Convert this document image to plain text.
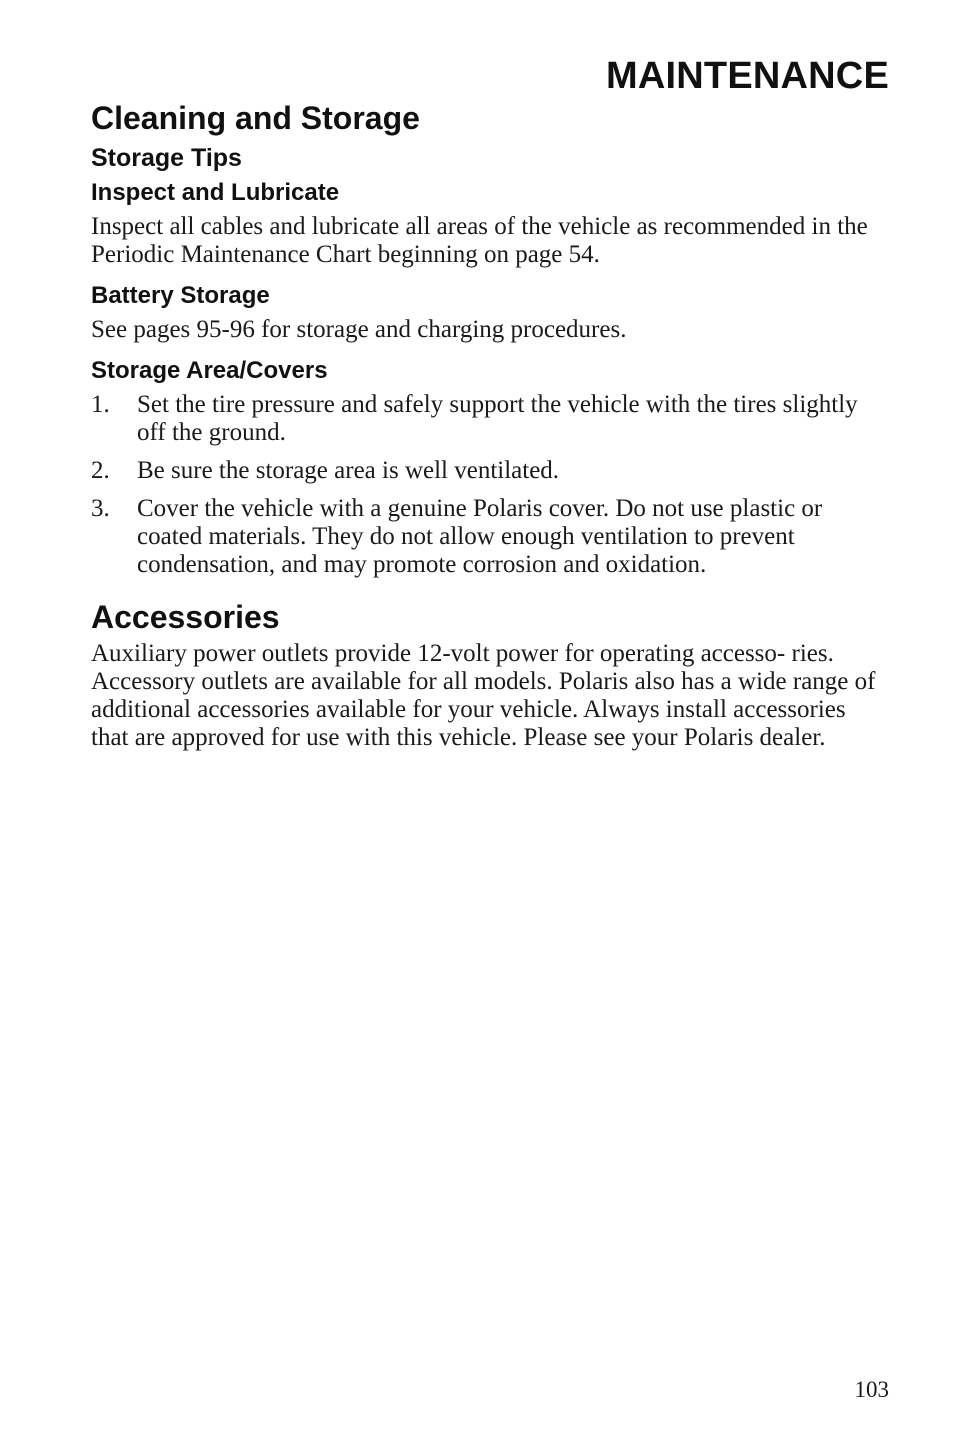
MAINTENANCE
Cleaning and Storage
Storage Tips
Inspect and Lubricate

Inspect all cables and lubricate all areas of the vehicle as recommended in the Periodic Maintenance Chart beginning on page 54.

Battery Storage

See pages 95-96 for storage and charging procedures.

Storage Area/Covers
1. Set the tire pressure and safely support the vehicle with the tires slightly off the ground.
2. Be sure the storage area is well ventilated.
3. Cover the vehicle with a genuine Polaris cover. Do not use plastic or coated materials. They do not allow enough ventilation to prevent condensation, and may promote corrosion and oxidation.
Accessories

Auxiliary power outlets provide 12-volt power for operating accesso- ries. Accessory outlets are available for all models. Polaris also has a wide range of additional accessories available for your vehicle. Always install accessories that are approved for use with this vehicle. Please see your Polaris dealer.

103
